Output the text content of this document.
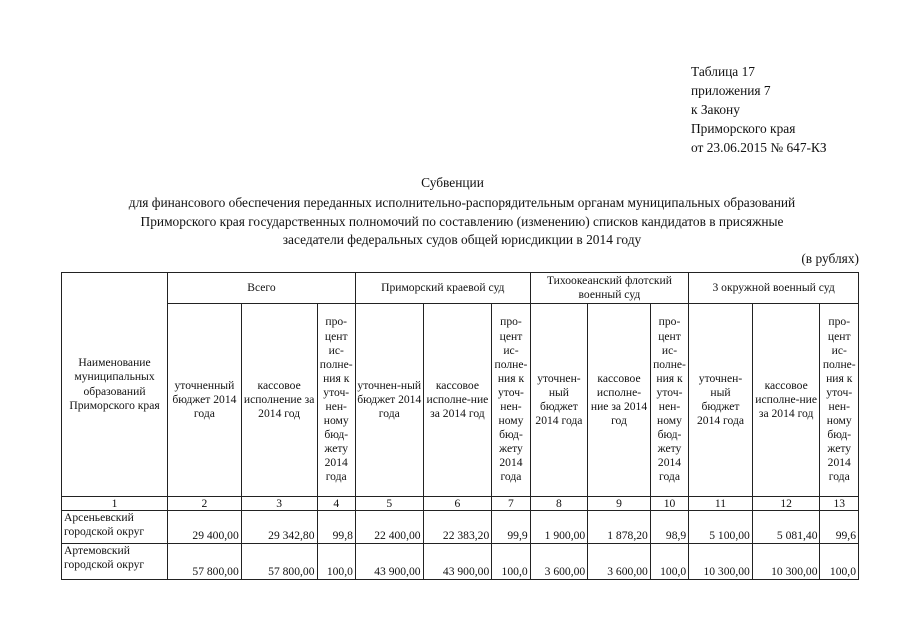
Таблица 17
приложения 7
к Закону
Приморского края
от 23.06.2015 № 647-КЗ
Субвенции
для финансового обеспечения переданных исполнительно-распорядительным органам муниципальных образований
Приморского края государственных полномочий по составлению (изменению) списков кандидатов в присяжные
заседатели федеральных судов общей юрисдикции в 2014 году
(в рублях)
Наименование муниципальных образований Приморского края	Всего			Приморский краевой суд			Тихоокеанский флотский военный суд			3 окружной военный суд		
	уточненный бюджет 2014 года	кассовое исполнение за 2014 год	про-цент ис-полне-ния к уточ-нен-ному бюд-жету 2014 года	уточнен-ный бюджет 2014 года	кассовое исполне-ние за 2014 год	про-цент ис-полне-ния к уточ-нен-ному бюд-жету 2014 года	уточнен-ный бюджет 2014 года	кассовое исполне-ние за 2014 год	про-цент ис-полне-ния к уточ-нен-ному бюд-жету 2014 года	уточнен-ный бюджет 2014 года	кассовое исполне-ние за 2014 год	про-цент ис-полне-ния к уточ-нен-ному бюд-жету 2014 года
1	2	3	4	5	6	7	8	9	10	11	12	13
Арсеньевский городской округ	29 400,00	29 342,80	99,8	22 400,00	22 383,20	99,9	1 900,00	1 878,20	98,9	5 100,00	5 081,40	99,6
Артемовский городской округ	57 800,00	57 800,00	100,0	43 900,00	43 900,00	100,0	3 600,00	3 600,00	100,0	10 300,00	10 300,00	100,0
